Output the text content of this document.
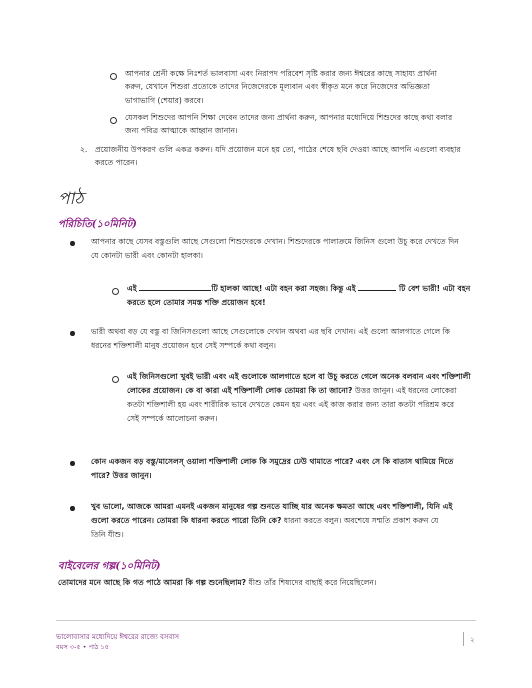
আপনার শ্রেনী কক্ষে নিঃশর্ত ভালবাসা এবং নিরাপদ পরিবেশ সৃষ্টি করার জন্য ঈশ্বরের কাছে সাহায্য প্রার্থনা
করুন, যেখানে শিশুরা প্রত্যেকে তাদের নিজেদেরকে মূল্যবান এবং স্বীকৃত মনে করে নিজেদের অভিজ্ঞতা
ভাগাভাগি (শেয়ার) করবে।
যেসকল শিশুদের আপনি শিক্ষা দেবেন তাদের জন্য প্রার্থনা করুন, আপনার মধ্যেদিয়ে শিশুদের কাছে কথা বলার
জন্য পবিত্র আত্মাকে আহ্বান জানান।
২. প্রয়োজনীয় উপকরণ গুলি একত্র করুন। যদি প্রয়োজন মনে হয় তো, পাঠের শেষে ছবি দেওয়া আছে আপনি এগুলো ব্যবহার
করতে পারেন।
পাঠ
পরিচিতি(১০মিনিট)
আপনার কাছে যেসব বস্তুগুলি আছে সেগুলো শিশুদেরকে দেখান। শিশুদেরকে পালাক্রমে জিনিস গুলো উচু করে দেখতে দিন
যে কোনটা ভারী এবং কোনটা হালকা।
এই	টি হালকা আছে! এটা বহন করা সহজ। কিন্তু এই	টি বেশ ভারী! এটা বহন
করতে হলে তোমার সমস্ত শক্তি প্রয়োজন হবে!
ভারী অথবা বড় যে বস্তু বা জিনিসগুলো আছে সেগুলোকে দেখান অথবা এর ছবি দেখান। এই গুলো আলগাতে গেলে কি
ধরনের শক্তিশালী মানুষ প্রয়োজন হবে সেই সম্পর্কে কথা বলুন।
এই জিনিসগুলো খুবই ভারী এবং এই গুলোকে আলগাতে হলে বা উচু করতে গেলে অনেক বলবান এবং শক্তিশালী
লোকের প্রয়োজন। কে বা কারা এই শক্তিশালী লোক তোমরা কি তা জানো? উত্তর জানুন। এই ধরনের লোকেরা
কতটা শক্তিশালী হয় এবং শারীরিক ভাবে দেখতে কেমন হয় এবং এই কাজ করার জন্য তারা কতটা পরিশ্রম করে
সেই সম্পর্কে আলোচনা করুন।
কোন একজন বড় বস্তু/মাসেলস্ ওয়ালা শক্তিশালী লোক কি সমুদ্রের ঢেউ থামাতে পারে? এবং সে কি বাতাস থামিয়ে দিতে
পারে? উত্তর জানুন।
খুব ভালো, আজকে আমরা এমনই একজন মানুষের গল্প শুনতে যাচ্ছি যার অনেক ক্ষমতা আছে এবং শক্তিশালী, যিনি এই
গুলো করতে পারেন। তোমরা কি ধারনা করতে পারো তিনি কে? ধারনা করতে বলুন। অবশেষে সম্মতি প্রকাশ করুন যে
তিনি যীশু।
বাইবেলের গল্প(১০মিনিট)
তোমাদের মনে আছে কি গত পাঠে আমরা কি গল্প শুনেছিলাম? যীশু তাঁর শিষ্যদের বাছাই করে নিয়েছিলেন।
ভালোবাসার মধ্যেদিয়ে ঈশ্বরের রাজ্যে বসবাস
বয়স ৩-৫ • পাঠ ১৫
২
